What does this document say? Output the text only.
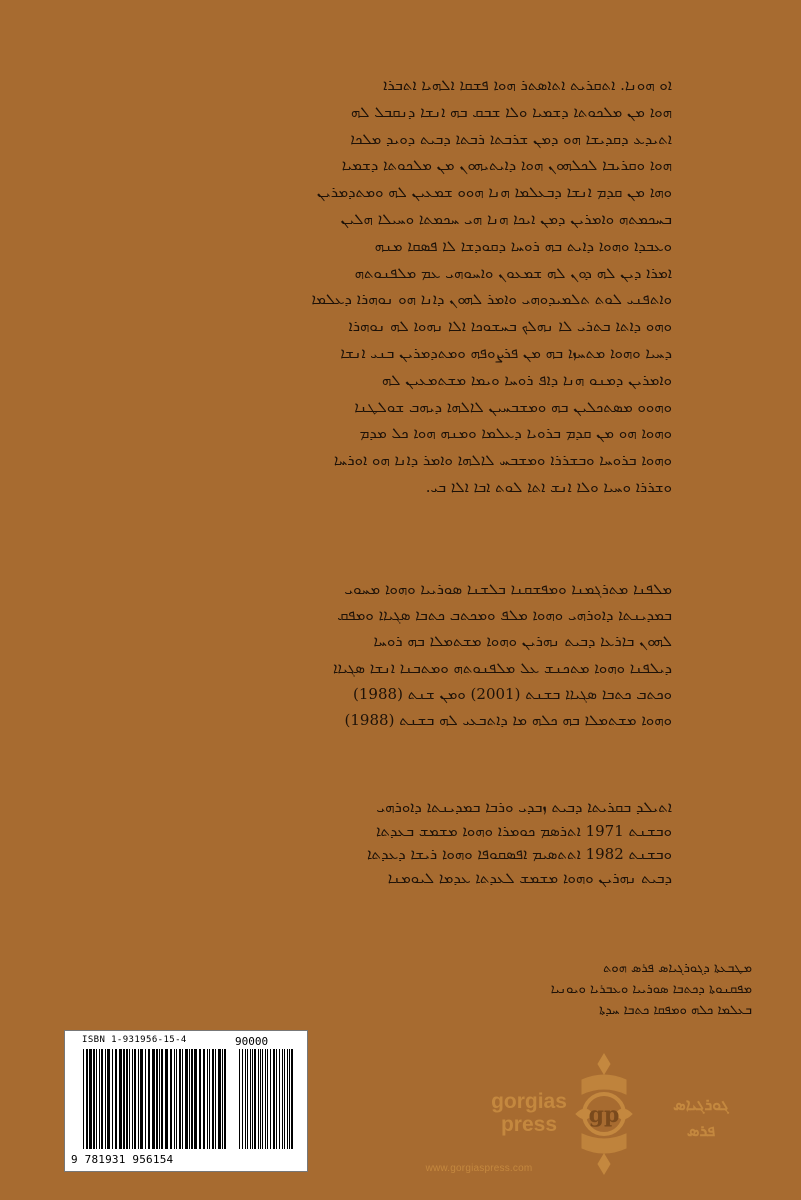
ܐܘ ܗܘܢܐ. ܐܬܩܪܝܬ ܐܬܐܣܬܪ ܗܘܐ ܦܫܩܐ ܐܠܗܝܐ ܐܬܒܪܐ
ܗܘܐ ܡܢ ܡܠܟܘܬܐ ܕܫܡܝܐ ܘܠܐ ܫܒܩ ܒܗ ܐܢܫܐ ܕܢܩܒܠ ܠܗ
ܐܬܝܕܥ ܕܩܕܝܫܐ ܗܘ ܕܡܢ ܫܪܒܬܐ ܪܒܬܐ ܕܒܝܬ ܕܘܝܕ ܡܠܟܐ
ܗܘܐ ܘܩܪܝܒܐ ܠܟܠܗܘܢ ܗܘܐ ܕܐܝܬܝܗܘܢ ܡܢ ܡܠܟܘܬܐ ܕܫܡܝܐ
ܘܗܐ ܡܢ ܩܕܡ ܐܢܫܐ ܕܒܥܠܡܐ ܗܢܐ ܗܘܘ ܫܡܥܝܢ ܠܗ ܘܡܬܕܡܪܝܢ
ܒܚܟܡܬܗ ܘܐܡܪܝܢ ܕܡܢ ܐܝܟܐ ܗܢܐ ܗܝ ܚܟܡܬܐ ܘܚܝܠܐ ܗܠܝܢ
ܘܥܒܕܐ ܘܗܘܐ ܕܐܝܬ ܒܗ ܪܘܚܐ ܕܩܘܕܫܐ ܠܐ ܦܣܩܐ ܡܢܗ
ܐܡܪܐ ܕܝܢ ܠܗ ܕܘܢ ܠܗ ܫܡܥܘܢ ܘܐܚܘܗܝ ܥܡ ܡܠܦܢܘܬܗ
ܘܐܬܦܢܝ ܠܘܬ ܬܠܡܝܕܘܗܝ ܘܐܡܪ ܠܗܘܢ ܕܐܢܐ ܗܘ ܢܘܗܪܐ ܕܥܠܡܐ
ܘܗܘ ܕܐܬܐ ܒܬܪܝ ܠܐ ܢܗܠܟ ܒܚܫܘܟܐ ܐܠܐ ܢܗܘܐ ܠܗ ܢܘܗܪܐ
ܕܚܝܐ ܘܗܘܐ ܡܬܚܙܐ ܒܗ ܡܢ ܦܪܨܘܦܗ ܘܡܬܕܡܪܝܢ ܒܢܝ ܐܢܫܐ
ܘܐܡܪܝܢ ܕܡܢܘ ܗܢܐ ܕܐܦ ܪܘܚܐ ܘܝܡܐ ܡܫܬܡܥܝܢ ܠܗ
ܘܗܘܘ ܡܣܬܟܠܝܢ ܒܗ ܘܡܫܒܚܝܢ ܠܐܠܗܐ ܕܝܗܒ ܫܘܠܛܢܐ
ܘܗܘܐ ܗܘ ܡܢ ܩܕܡ ܒܪܘܝܐ ܕܥܠܡܐ ܘܡܢܗ ܗܘܐ ܟܠ ܡܕܡ
ܘܗܘܐ ܒܪܘܚܐ ܘܒܫܪܪܐ ܘܡܫܒܚ ܠܐܠܗܐ ܘܐܡܪ ܕܐܢܐ ܗܘ ܐܘܪܚܐ
ܘܫܪܪܐ ܘܚܝܐ ܘܠܐ ܐܢܫ ܐܬܐ ܠܘܬ ܐܒܐ ܐܠܐ ܒܝ.
ܡܠܦܢܐ ܡܬܪܓܡܢܐ ܘܡܦܫܩܢܐ ܒܠܫܢܐ ܣܘܪܝܝܐ ܘܗܘܐ ܡܚܘܝ
ܒܡܕܝܢܬܐ ܕܐܘܪܗܝ ܘܗܘܐ ܡܠܦ ܘܡܟܬܒ ܟܬܒܐ ܣܓܝܐܐ ܘܡܦܩ
ܠܗܘܢ ܒܐܪܥܐ ܕܒܝܬ ܢܗܪܝܢ ܘܗܘܐ ܡܫܬܡܠܐ ܒܗ ܪܘܚܐ
ܕܝܠܦܢܐ ܘܗܘܐ ܡܬܟܢܫ ܥܠ ܡܠܦܢܘܬܗ ܘܡܬܒܢܐ ܐܢܫܐ ܣܓܝܐܐ
ܘܟܬܒ ܟܬܒܐ ܣܓܝܐܐ ܒܫܢܬ (2001) ܘܡܢ ܫܢܬ (1988)
ܘܗܘܐ ܡܫܬܡܠܐ ܒܗ ܟܠܗ ܡܐ ܕܐܬܒܥܝ ܠܗ ܒܫܢܬ (1988)
ܐܬܝܠܕ ܒܩܪܝܬܐ ܕܒܝܬ ܙܒܕܝ ܘܪܒܐ ܒܡܕܝܢܬܐ ܕܐܘܪܗܝ
ܘܒܫܢܬ 1971 ܐܬܪܣܡ ܟܘܡܪܐ ܘܗܘܐ ܡܫܡܫ ܒܥܕܬܐ
ܘܒܫܢܬ 1982 ܐܬܬܣܝܡ ܐܦܣܩܘܦܐ ܘܗܘܐ ܪܝܫܐ ܕܥܕܬܐ
ܕܒܝܬ ܢܗܪܝܢ ܘܗܘܐ ܡܫܡܫ ܠܥܕܬܐ ܥܕܡܐ ܠܝܘܡܢܐ
ܡܛܒܥܬܐ ܕܓܘܪܓܝܐܣ ܦܪܣ ܗܘܬ
ܡܦܩܢܘܬܐ ܕܟܬܒܐ ܣܘܪܝܝܐ ܘܥܒܪܝܐ ܘܝܘܢܝܐ
ܒܥܠܡܐ ܟܠܗ ܘܡܦܩܐ ܟܬܒܐ ܚܕܬܐ
ISBN 1-931956-15-4	90000
9 781931 956154
gorgias
press	gp	ܓܘܪܓܝܐܣ
ܦܪܣ
www.gorgiaspress.com
